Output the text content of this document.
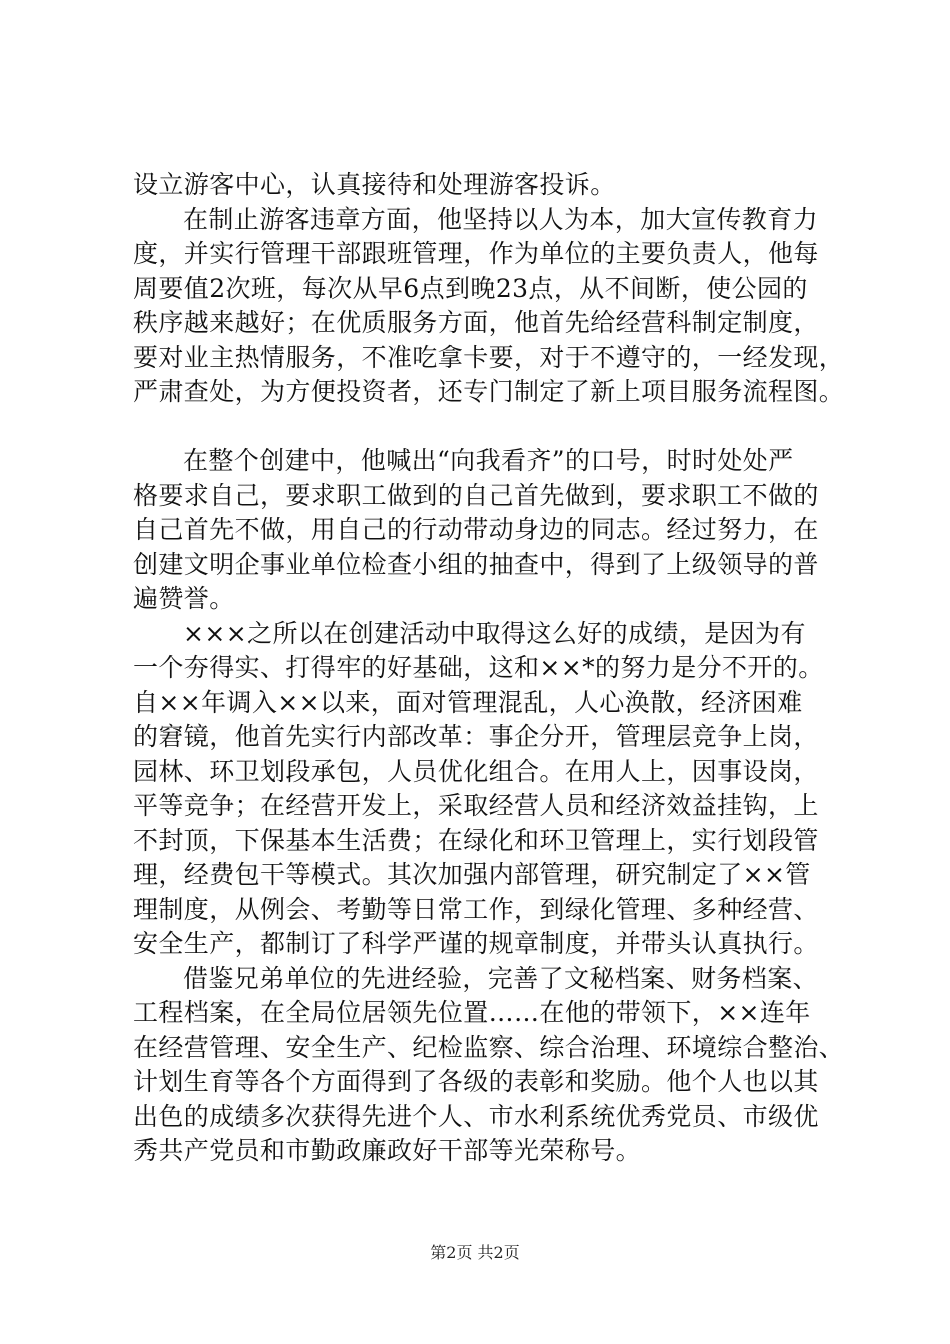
设立游客中心，认真接待和处理游客投诉。
在制止游客违章方面，他坚持以人为本，加大宣传教育力
度，并实行管理干部跟班管理，作为单位的主要负责人，他每
周要值2次班，每次从早6点到晚23点，从不间断，使公园的
秩序越来越好；在优质服务方面，他首先给经营科制定制度，
要对业主热情服务，不准吃拿卡要，对于不遵守的，一经发现，
严肃查处，为方便投资者，还专门制定了新上项目服务流程图。
在整个创建中，他喊出“向我看齐”的口号，时时处处严
格要求自己，要求职工做到的自己首先做到，要求职工不做的
自己首先不做，用自己的行动带动身边的同志。经过努力，在
创建文明企事业单位检查小组的抽查中，得到了上级领导的普
遍赞誉。
×××之所以在创建活动中取得这么好的成绩，是因为有
一个夯得实、打得牢的好基础，这和××*的努力是分不开的。
自××年调入××以来，面对管理混乱，人心涣散，经济困难
的窘镜，他首先实行内部改革：事企分开，管理层竞争上岗，
园林、环卫划段承包，人员优化组合。在用人上，因事设岗，
平等竞争；在经营开发上，采取经营人员和经济效益挂钩，上
不封顶，下保基本生活费；在绿化和环卫管理上，实行划段管
理，经费包干等模式。其次加强内部管理，研究制定了××管
理制度，从例会、考勤等日常工作，到绿化管理、多种经营、
安全生产，都制订了科学严谨的规章制度，并带头认真执行。
借鉴兄弟单位的先进经验，完善了文秘档案、财务档案、
工程档案，在全局位居领先位置……在他的带领下，××连年
在经营管理、安全生产、纪检监察、综合治理、环境综合整治、
计划生育等各个方面得到了各级的表彰和奖励。他个人也以其
出色的成绩多次获得先进个人、市水利系统优秀党员、市级优
秀共产党员和市勤政廉政好干部等光荣称号。
第2页 共2页
